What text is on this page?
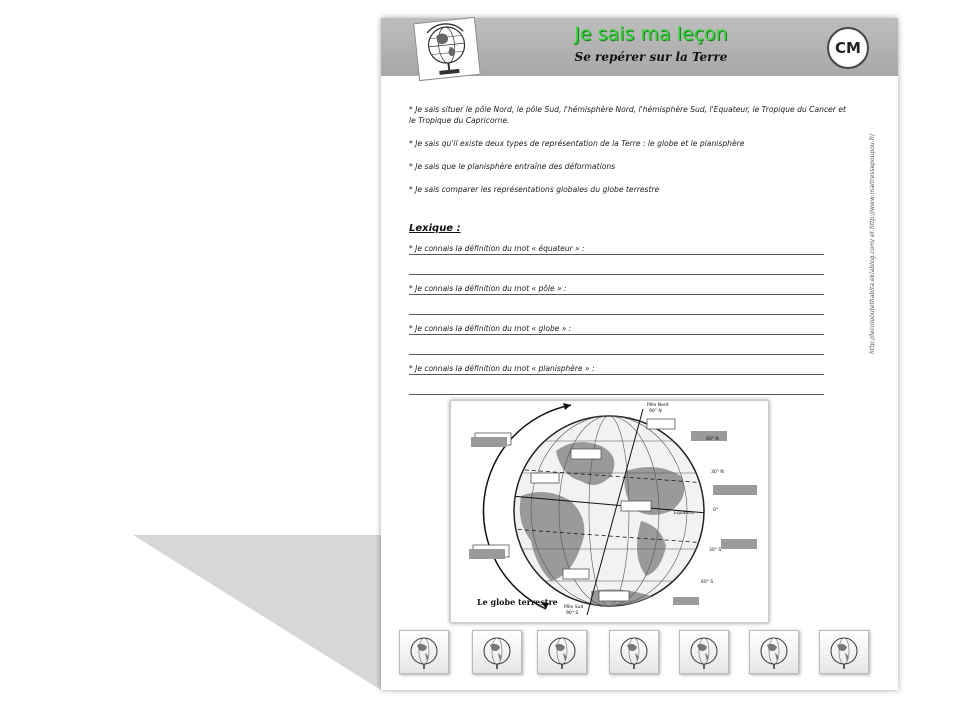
Je sais ma leçon
Se repérer sur la Terre	CM
http://lecoleoutethabita.eklablog.com/ et http://www.maitressepoupou.fr/

* Je sais situer le pôle Nord, le pôle Sud, l'hémisphère Nord, l'hémisphère Sud, l'Equateur, le Tropique du Cancer et le Tropique du Capricorne.

* Je sais qu'il existe deux types de représentation de la Terre : le globe et le planisphère

* Je sais que le planisphère entraîne des déformations

* Je sais comparer les représentations globales du globe terrestre

Lexique :
* Je connais la définition du mot « équateur » :
* Je connais la définition du mot « pôle » :
* Je connais la définition du mot « globe » :
* Je connais la définition du mot « planisphère » :
Pôle Nord
90° N
Pôle Sud
90° S
Equateur
60° N
30° N
0°
30° S
60° S
Le globe terrestre
